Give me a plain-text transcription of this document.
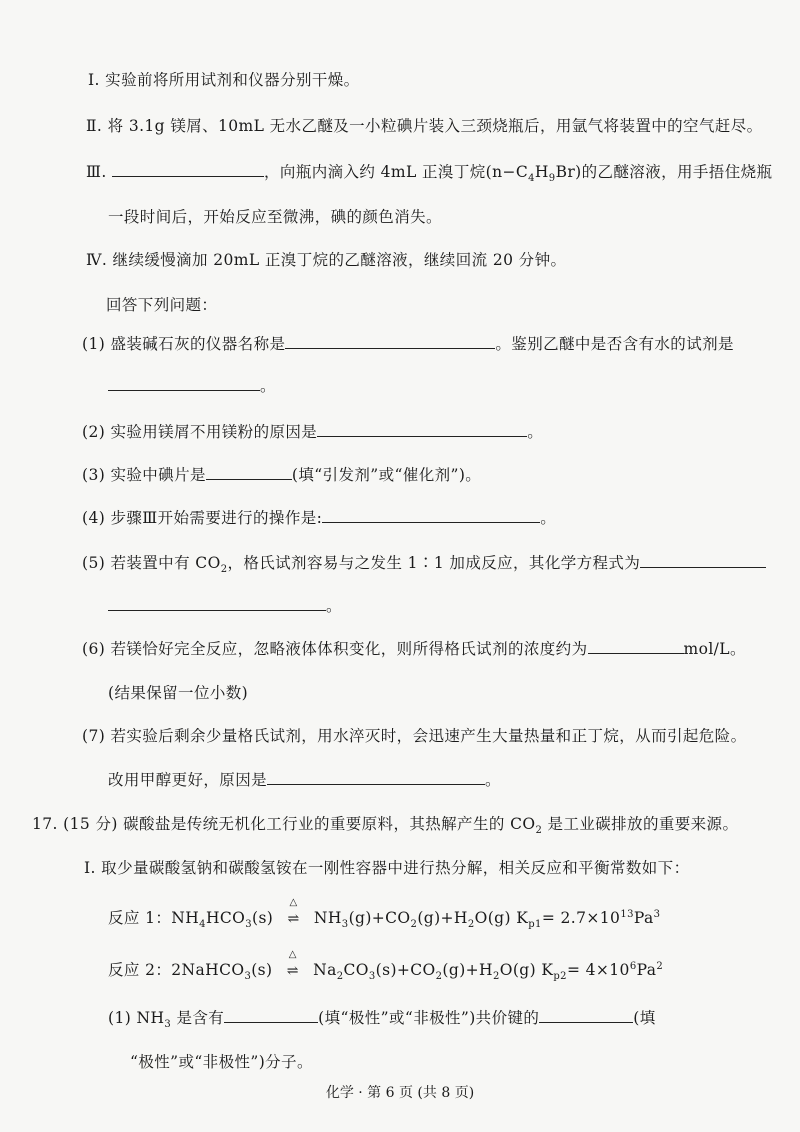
Ⅰ. 实验前将所用试剂和仪器分别干燥。
Ⅱ. 将 3.1g 镁屑、10mL 无水乙醚及一小粒碘片装入三颈烧瓶后，用氩气将装置中的空气赶尽。
Ⅲ.	，向瓶内滴入约 4mL 正溴丁烷$(n-C_4H_9Br)$的乙醚溶液，用手捂住烧瓶
一段时间后，开始反应至微沸，碘的颜色消失。
Ⅳ. 继续缓慢滴加 20mL 正溴丁烷的乙醚溶液，继续回流 20 分钟。
回答下列问题：
(1) 盛装碱石灰的仪器名称是	。鉴别乙醚中是否含有水的试剂是
。
(2) 实验用镁屑不用镁粉的原因是	。
(3) 实验中碘片是	(填“引发剂”或“催化剂”)。
(4) 步骤Ⅲ开始需要进行的操作是:	。
(5) 若装置中有 $CO_2$，格氏试剂容易与之发生 1∶1 加成反应，其化学方程式为
。
(6) 若镁恰好完全反应，忽略液体体积变化，则所得格氏试剂的浓度约为	mol/L。
(结果保留一位小数)
(7) 若实验后剩余少量格氏试剂，用水淬灭时，会迅速产生大量热量和正丁烷，从而引起危险。
改用甲醇更好，原因是	。
17. (15 分) 碳酸盐是传统无机化工行业的重要原料，其热解产生的 $CO_2$ 是工业碳排放的重要来源。
Ⅰ. 取少量碳酸氢钠和碳酸氢铵在一刚性容器中进行热分解，相关反应和平衡常数如下：
反应 1：$NH_4HCO_3(s)$
△
⇌ $NH_3(g)+CO_2(g)+H_2O(g)$ $K_{p1}= 2.7\times 10^{13}Pa^3$
反应 2：2NaHCO$_3$(s)
△
⇌ $Na_2CO_3(s)+CO_2(g)+H_2O(g)$ $K_{p2}= 4\times 10^6Pa^2$
(1) $NH_3$ 是含有	(填“极性”或“非极性”)共价键的	(填
“极性”或“非极性”)分子。
化学 · 第 6 页 (共 8 页)
